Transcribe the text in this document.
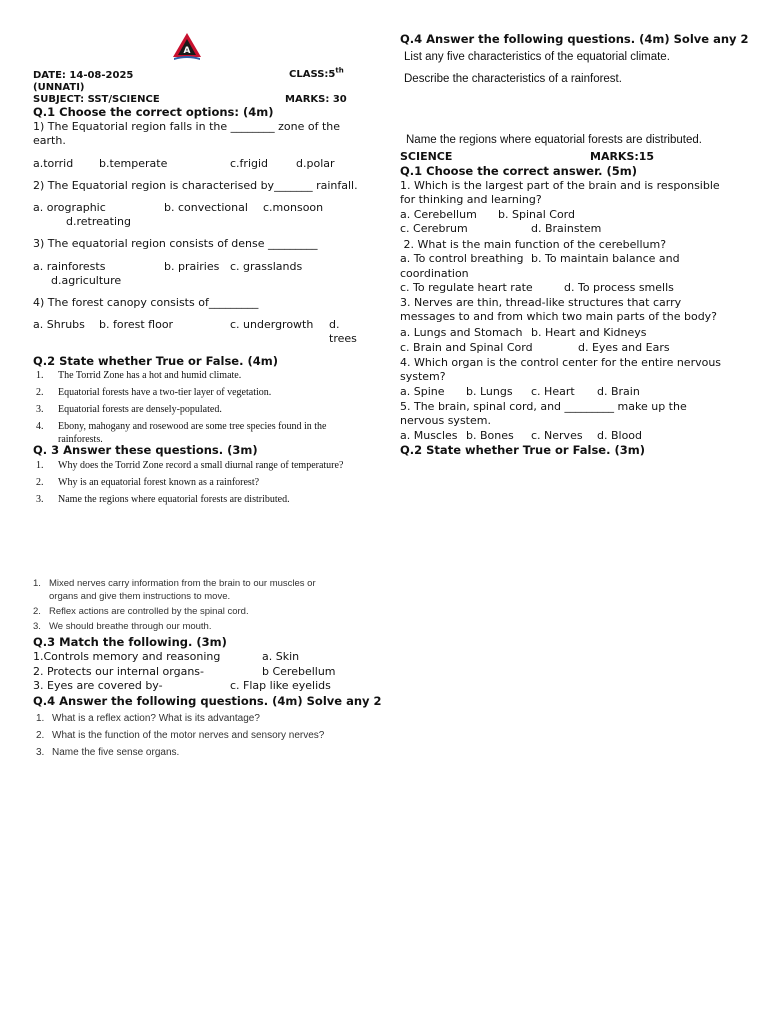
A
DATE: 14-08-2025	CLASS:5th
(UNNATI)
SUBJECT: SST/SCIENCE	MARKS: 30
Q.1 Choose the correct options: (4m)
1) The Equatorial region falls in the ________ zone of the earth.
a.torrid b.temperate	c.frigid	d.polar
2) The Equatorial region is characterised by_______ rainfall.
a. orographic	b. convectional c.monsoon
d.retreating
3) The equatorial region consists of dense _________
a. rainforests	b. prairies c. grasslands
d.agriculture
4) The forest canopy consists of_________
a. Shrubs b. forest floor	c. undergrowth d. trees
Q.2 State whether True or False. (4m)
1.	The Torrid Zone has a hot and humid climate.
2.	Equatorial forests have a two-tier layer of vegetation.
3.	Equatorial forests are densely-populated.
4.	Ebony, mahogany and rosewood are some tree species found in the rainforests.
Q. 3 Answer these questions. (3m)
1.	Why does the Torrid Zone record a small diurnal range of temperature?
2.	Why is an equatorial forest known as a rainforest?
3.	Name the regions where equatorial forests are distributed.
1. Mixed nerves carry information from the brain to our muscles or organs and give them instructions to move.
2. Reflex actions are controlled by the spinal cord.
3. We should breathe through our mouth.
Q.3 Match the following. (3m)
1.Controls memory and reasoning	a. Skin
2. Protects our internal organs-	b Cerebellum
3. Eyes are covered by-	c. Flap like eyelids
Q.4 Answer the following questions. (4m) Solve any 2
1. What is a reflex action? What is its advantage?
2. What is the function of the motor nerves and sensory nerves?
3. Name the five sense organs.
Q.4 Answer the following questions. (4m) Solve any 2
List any five characteristics of the equatorial climate.
Describe the characteristics of a rainforest.
Name the regions where equatorial forests are distributed.
SCIENCE	MARKS:15
Q.1 Choose the correct answer. (5m)
1. Which is the largest part of the brain and is responsible for thinking and learning?
a. Cerebellum b. Spinal Cord
c. Cerebrum	d. Brainstem
2. What is the main function of the cerebellum?
a. To control breathing b. To maintain balance and
coordination
c. To regulate heart rate	d. To process smells
3. Nerves are thin, thread-like structures that carry messages to and from which two main parts of the body?
a. Lungs and Stomach b. Heart and Kidneys
c. Brain and Spinal Cord	d. Eyes and Ears
4. Which organ is the control center for the entire nervous system?
a. Spine b. Lungs c. Heart d. Brain
5. The brain, spinal cord, and _________ make up the nervous system.
a. Muscles b. Bones c. Nerves d. Blood
Q.2 State whether True or False. (3m)
